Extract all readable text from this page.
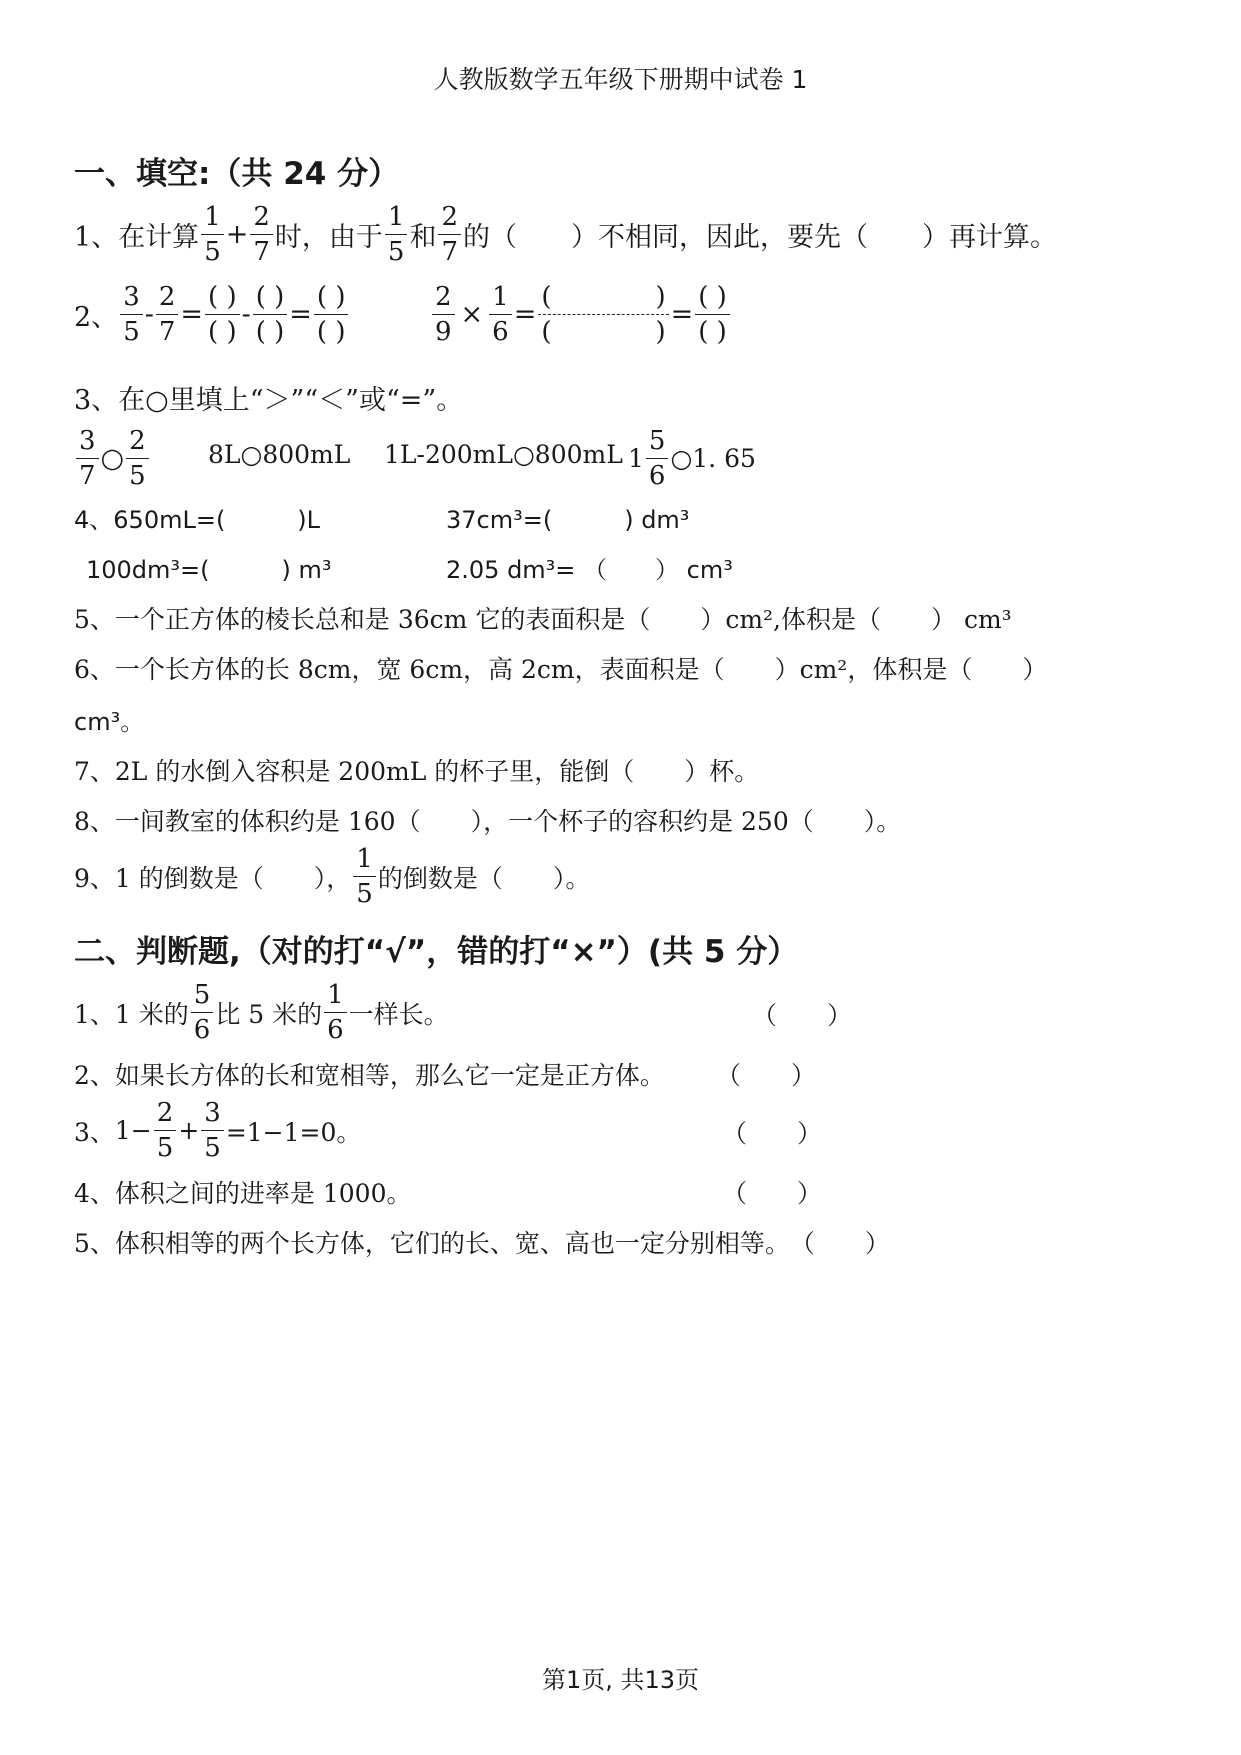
人教版数学五年级下册期中试卷 1
一、填空:（共 24 分）
1、 在计算 $\frac{1}{5} + \frac{2}{7}$ 时，由于 $\frac{1}{5}$ 和 $\frac{2}{7}$ 的（　　）不相同，因此，要先（　　）再计算。
2、 $\frac{3}{5} - \frac{2}{7} = \frac{( )}{( )} - \frac{( )}{( )} = \frac{( )}{( )}$	$\frac{2}{9} \times \frac{1}{6} = \frac{( )}{( )} = \frac{( )}{( )}$
3、 在○里填上“＞”“＜”或“=”。
$\frac{3}{7}$ ○ $\frac{2}{5}$ 8L○800mL 1L-200mL○800mL $1 \frac{5}{6}$ ○1. 65
4、 650mL=(　　　)L	37cm³=(　　　) dm³
100dm³=(　　　) m³	2.05 dm³= （　　） cm³
5、 一个正方体的棱长总和是 36cm 它的表面积是（　　）cm²,体积是（　　） cm³
6、 一个长方体的长 8cm，宽 6cm，高 2cm，表面积是（　　）cm²，体积是（　　）
cm³。
7、 2L 的水倒入容积是 200mL 的杯子里，能倒（　　）杯。
8、 一间教室的体积约是 160（　　），一个杯子的容积约是 250（　　）。
9、 1 的倒数是（　　）， $\frac{1}{5}$ 的倒数是（　　）。
二、判断题,（对的打“√”，错的打“×”）(共 5 分）
1、 1 米的 $\frac{5}{6}$ 比 5 米的 $\frac{1}{6}$ 一样长。	（　　）
2、 如果长方体的长和宽相等，那么它一定是正方体。 （　　）
3、 $1- \frac{2}{5} + \frac{3}{5} =1-1=0$。	（　　）
4、 体积之间的进率是 1000。	（　　）
5、 体积相等的两个长方体，它们的长、宽、高也一定分别相等。 （　　）
第1页, 共13页
